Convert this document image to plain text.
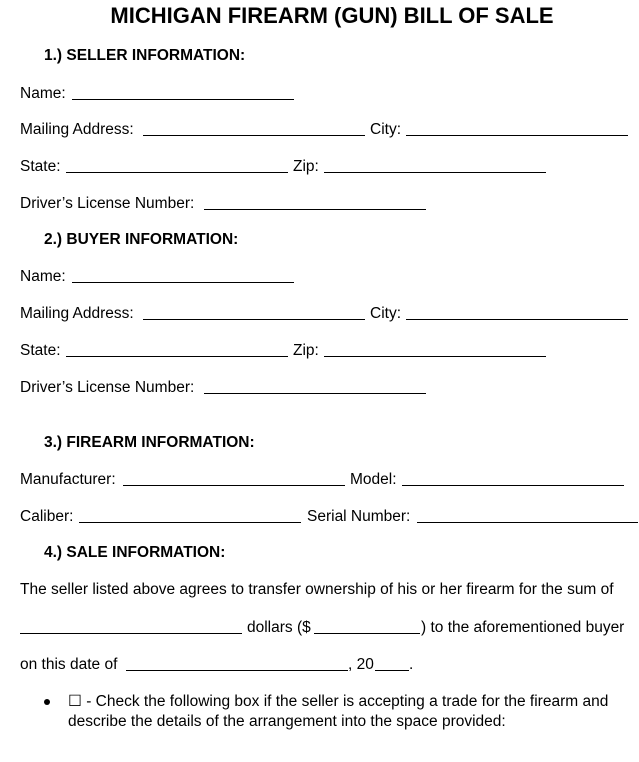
MICHIGAN FIREARM (GUN) BILL OF SALE
1.) SELLER INFORMATION:
Name:
Mailing Address:	City:
State:	Zip:
Driver’s License Number:
2.) BUYER INFORMATION:
Name:
Mailing Address:	City:
State:	Zip:
Driver’s License Number:
3.) FIREARM INFORMATION:
Manufacturer:	Model:
Caliber:	Serial Number:
4.) SALE INFORMATION:
The seller listed above agrees to transfer ownership of his or her firearm for the sum of
dollars ($	) to the aforementioned buyer
on this date of	, 20 .
☐ - Check the following box if the seller is accepting a trade for the firearm and
describe the details of the arrangement into the space provided:
